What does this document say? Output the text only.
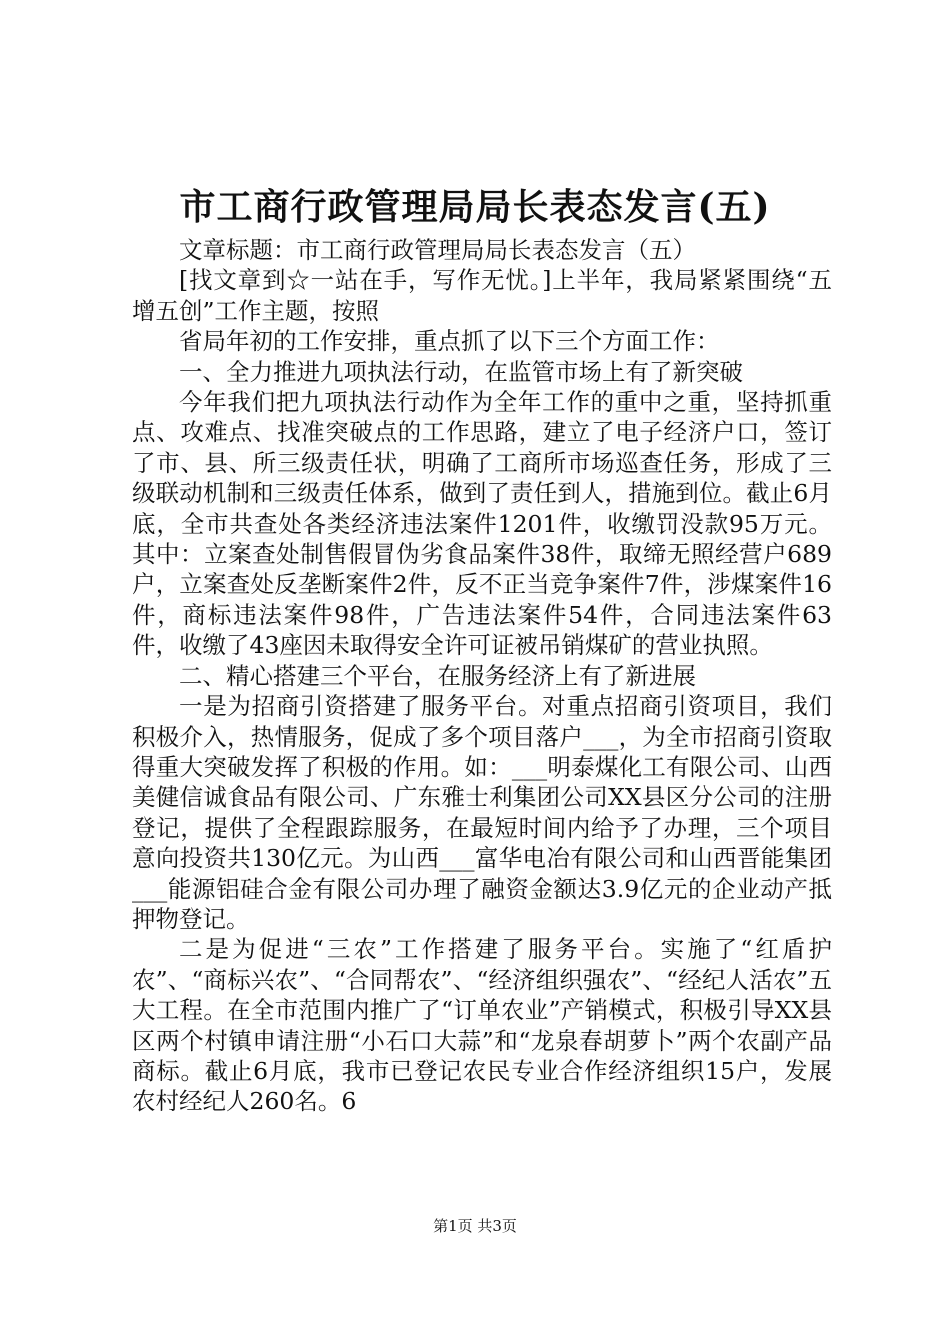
市工商行政管理局局长表态发言(五)

文章标题：市工商行政管理局局长表态发言（五）

[找文章到☆一站在手，写作无忧。]上半年，我局紧紧围绕“五增五创”工作主题，按照

省局年初的工作安排，重点抓了以下三个方面工作：

一、全力推进九项执法行动，在监管市场上有了新突破

今年我们把九项执法行动作为全年工作的重中之重，坚持抓重点、攻难点、找准突破点的工作思路，建立了电子经济户口，签订了市、县、所三级责任状，明确了工商所市场巡查任务，形成了三级联动机制和三级责任体系，做到了责任到人，措施到位。截止6月底，全市共查处各类经济违法案件1201件，收缴罚没款95万元。其中：立案查处制售假冒伪劣食品案件38件，取缔无照经营户689户，立案查处反垄断案件2件，反不正当竞争案件7件，涉煤案件16件，商标违法案件98件，广告违法案件54件，合同违法案件63件，收缴了43座因未取得安全许可证被吊销煤矿的营业执照。

二、精心搭建三个平台，在服务经济上有了新进展

一是为招商引资搭建了服务平台。对重点招商引资项目，我们积极介入，热情服务，促成了多个项目落户___，为全市招商引资取得重大突破发挥了积极的作用。如：___明泰煤化工有限公司、山西美健信诚食品有限公司、广东雅士利集团公司XX县区分公司的注册登记，提供了全程跟踪服务，在最短时间内给予了办理，三个项目意向投资共130亿元。为山西___富华电冶有限公司和山西晋能集团___能源铝硅合金有限公司办理了融资金额达3.9亿元的企业动产抵押物登记。

二是为促进“三农”工作搭建了服务平台。实施了“红盾护农”、“商标兴农”、“合同帮农”、“经济组织强农”、“经纪人活农”五大工程。在全市范围内推广了“订单农业”产销模式，积极引导XX县区两个村镇申请注册“小石口大蒜”和“龙泉春胡萝卜”两个农副产品商标。截止6月底，我市已登记农民专业合作经济组织15户，发展农村经纪人260名。6

第1页 共3页
